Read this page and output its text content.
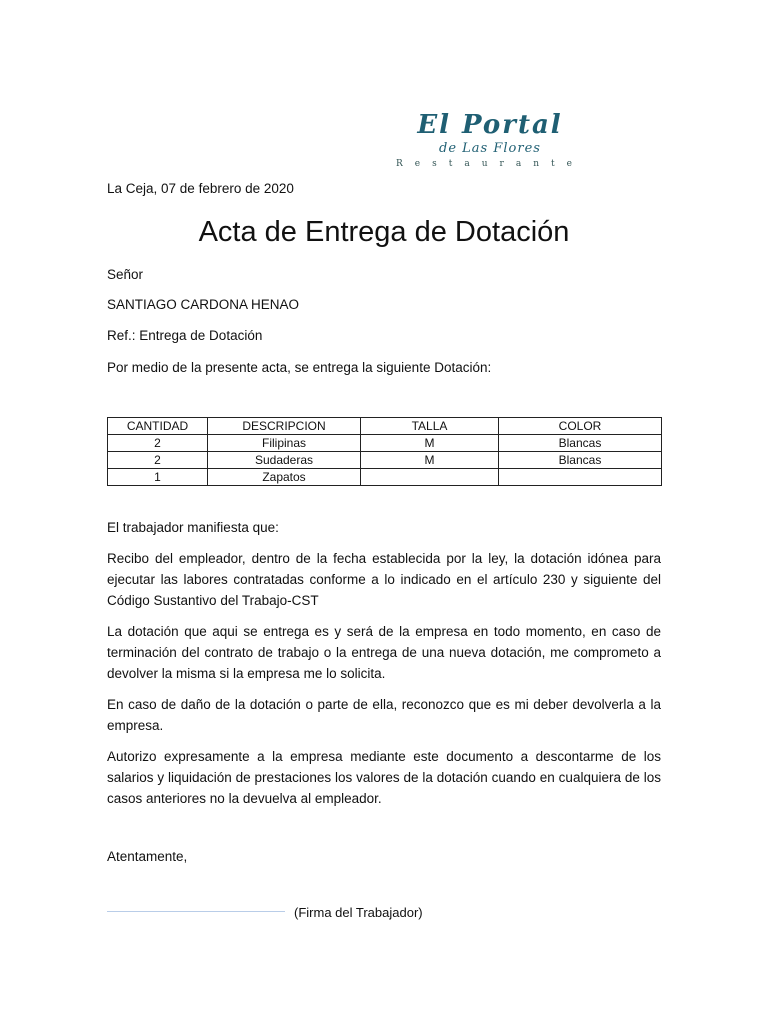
El Portal
de Las Flores
Restaurante
La Ceja, 07 de febrero de 2020
Acta de Entrega de Dotación
Señor
SANTIAGO CARDONA HENAO
Ref.: Entrega de Dotación
Por medio de la presente acta, se entrega la siguiente Dotación:
CANTIDAD	DESCRIPCION	TALLA	COLOR
2	Filipinas	M	Blancas
2	Sudaderas	M	Blancas
1	Zapatos		

El trabajador manifiesta que:

Recibo del empleador, dentro de la fecha establecida por la ley, la dotación idónea para ejecutar las labores contratadas conforme a lo indicado en el artículo 230 y siguiente del Código Sustantivo del Trabajo-CST

La dotación que aqui se entrega es y será de la empresa en todo momento, en caso de terminación del contrato de trabajo o la entrega de una nueva dotación, me comprometo a devolver la misma si la empresa me lo solicita.

En caso de daño de la dotación o parte de ella, reconozco que es mi deber devolverla a la empresa.

Autorizo expresamente a la empresa mediante este documento a descontarme de los salarios y liquidación de prestaciones los valores de la dotación cuando en cualquiera de los casos anteriores no la devuelva al empleador.

Atentamente,
(Firma del Trabajador)
